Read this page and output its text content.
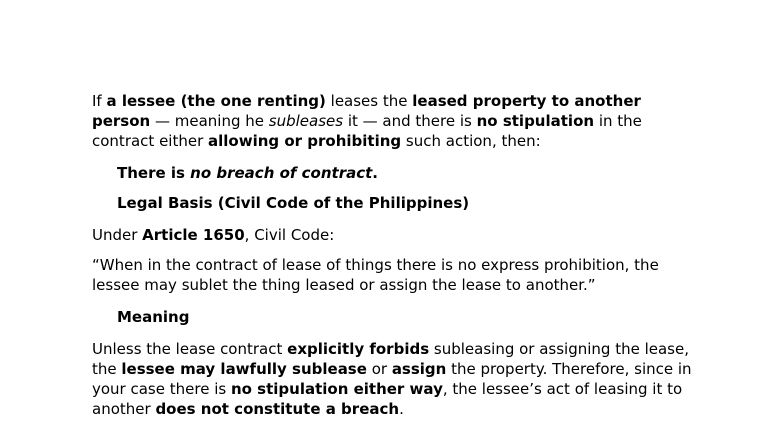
If a lessee (the one renting) leases the leased property to another person — meaning he subleases it — and there is no stipulation in the contract either allowing or prohibiting such action, then:

There is no breach of contract.

Legal Basis (Civil Code of the Philippines)

Under Article 1650, Civil Code:

“When in the contract of lease of things there is no express prohibition, the lessee may sublet the thing leased or assign the lease to another.”

Meaning

Unless the lease contract explicitly forbids subleasing or assigning the lease, the lessee may lawfully sublease or assign the property. Therefore, since in your case there is no stipulation either way, the lessee’s act of leasing it to another does not constitute a breach.
